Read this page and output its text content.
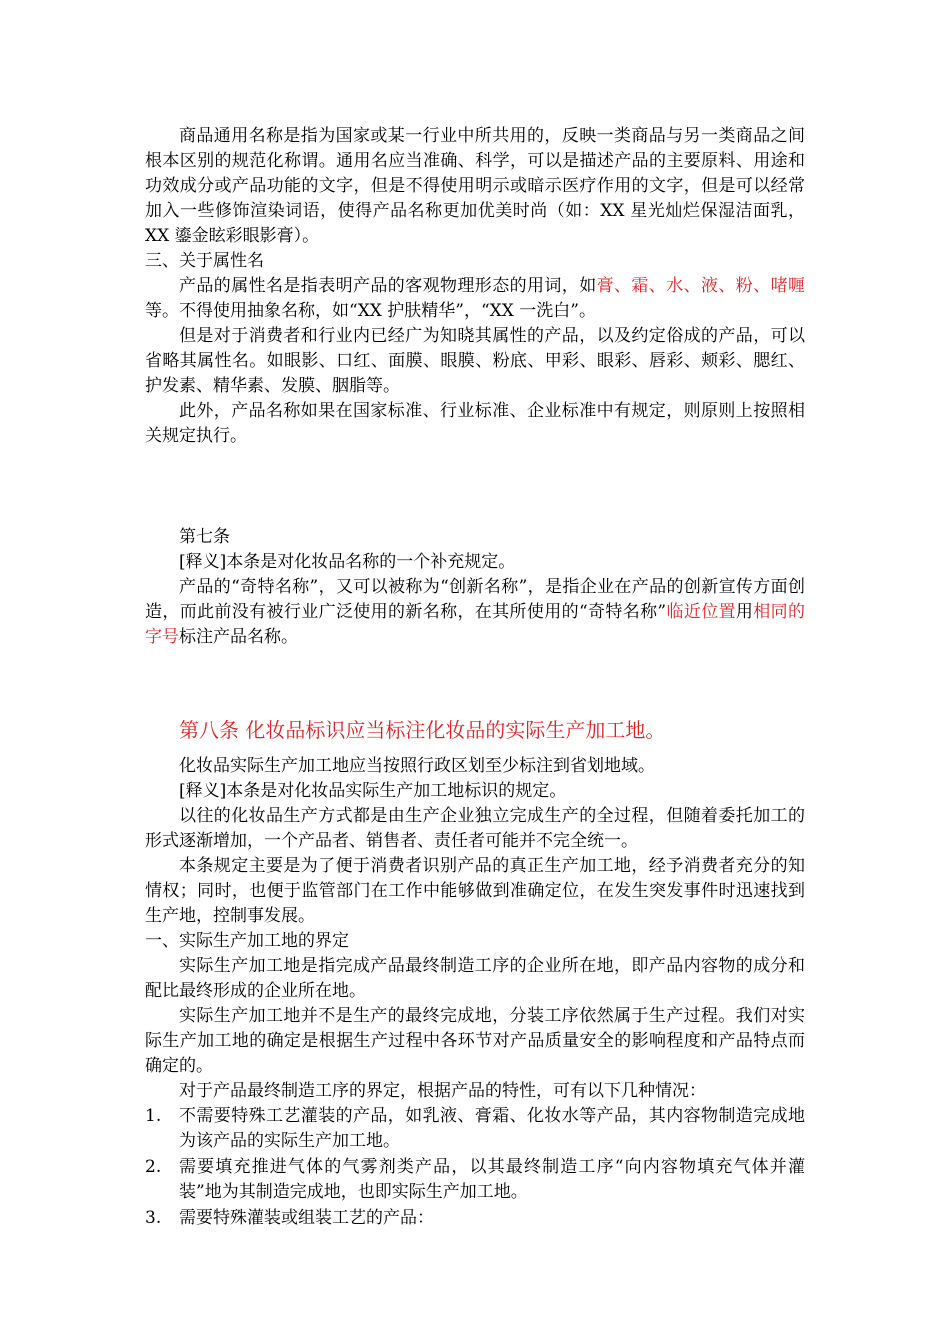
商品通用名称是指为国家或某一行业中所共用的，反映一类商品与另一类商品之间根本区别的规范化称谓。通用名应当准确、科学，可以是描述产品的主要原料、用途和功效成分或产品功能的文字，但是不得使用明示或暗示医疗作用的文字，但是可以经常加入一些修饰渲染词语，使得产品名称更加优美时尚（如：XX 星光灿烂保湿洁面乳，XX 鎏金眩彩眼影膏）。

三、关于属性名

产品的属性名是指表明产品的客观物理形态的用词，如膏、霜、水、液、粉、啫喱等。不得使用抽象名称，如“XX 护肤精华”，“XX 一洗白”。

但是对于消费者和行业内已经广为知晓其属性的产品，以及约定俗成的产品，可以省略其属性名。如眼影、口红、面膜、眼膜、粉底、甲彩、眼彩、唇彩、颊彩、腮红、护发素、精华素、发膜、胭脂等。

此外，产品名称如果在国家标准、行业标准、企业标准中有规定，则原则上按照相关规定执行。

第七条

[释义]本条是对化妆品名称的一个补充规定。

产品的“奇特名称”，又可以被称为“创新名称”，是指企业在产品的创新宣传方面创造，而此前没有被行业广泛使用的新名称，在其所使用的“奇特名称”临近位置用相同的字号标注产品名称。

第八条 化妆品标识应当标注化妆品的实际生产加工地。

化妆品实际生产加工地应当按照行政区划至少标注到省划地域。

[释义]本条是对化妆品实际生产加工地标识的规定。

以往的化妆品生产方式都是由生产企业独立完成生产的全过程，但随着委托加工的形式逐渐增加，一个产品者、销售者、责任者可能并不完全统一。

本条规定主要是为了便于消费者识别产品的真正生产加工地，经予消费者充分的知情权；同时，也便于监管部门在工作中能够做到准确定位，在发生突发事件时迅速找到生产地，控制事发展。

一、实际生产加工地的界定

实际生产加工地是指完成产品最终制造工序的企业所在地，即产品内容物的成分和配比最终形成的企业所在地。

实际生产加工地并不是生产的最终完成地，分装工序依然属于生产过程。我们对实际生产加工地的确定是根据生产过程中各环节对产品质量安全的影响程度和产品特点而确定的。

对于产品最终制造工序的界定，根据产品的特性，可有以下几种情况：

1.	不需要特殊工艺灌装的产品，如乳液、膏霜、化妆水等产品，其内容物制造完成地为该产品的实际生产加工地。
2.	需要填充推进气体的气雾剂类产品，以其最终制造工序“向内容物填充气体并灌装”地为其制造完成地，也即实际生产加工地。
3.	需要特殊灌装或组装工艺的产品：
